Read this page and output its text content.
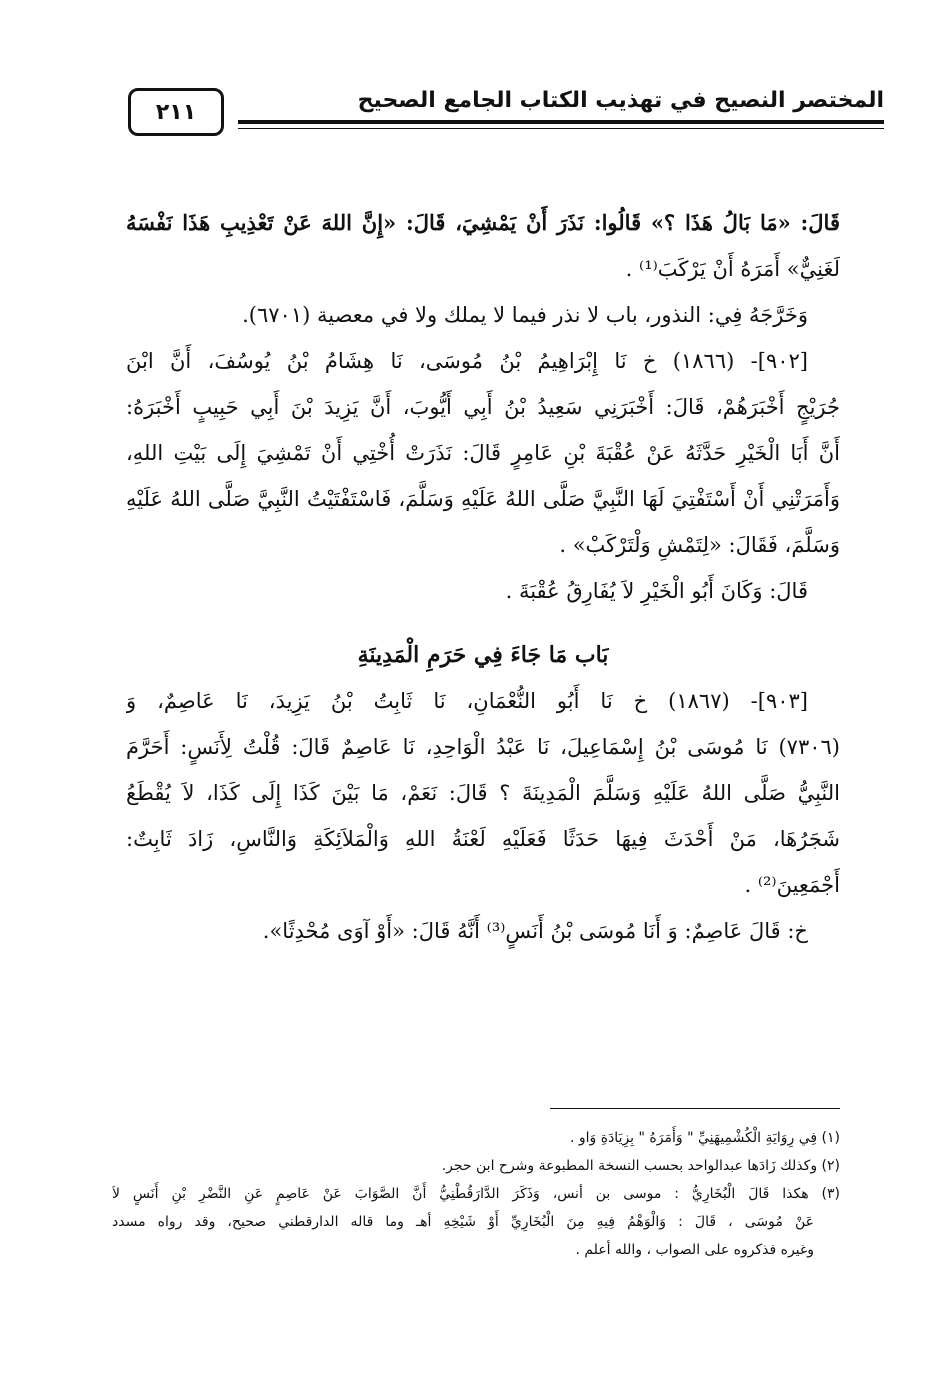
المختصر النصيح في تهذيب الكتاب الجامع الصحيح
٢١١
قَالَ: «مَا بَالُ هَذَا ؟» قَالُوا: نَذَرَ أَنْ يَمْشِيَ، قَالَ: «إِنَّ اللهَ عَنْ تَعْذِيبِ هَذَا نَفْسَهُ
لَغَنِيٌّ» أَمَرَهُ أَنْ يَرْكَبَ⁽¹⁾ .
وَخَرَّجَهُ فِي: النذور، باب لا نذر فيما لا يملك ولا في معصية (٦٧٠١).
[٩٠٢]- (١٨٦٦) خ نَا إِبْرَاهِيمُ بْنُ مُوسَى، نَا هِشَامُ بْنُ يُوسُفَ، أَنَّ ابْنَ
جُرَيْجٍ أَخْبَرَهُمْ، قَالَ: أَخْبَرَنِي سَعِيدُ بْنُ أَبِي أَيُّوبَ، أَنَّ يَزِيدَ بْنَ أَبِي حَبِيبٍ أَخْبَرَهُ:
أَنَّ أَبَا الْخَيْرِ حَدَّثَهُ عَنْ عُقْبَةَ بْنِ عَامِرٍ قَالَ: نَذَرَتْ أُخْتِي أَنْ تَمْشِيَ إِلَى بَيْتِ اللهِ،
وَأَمَرَتْنِي أَنْ أَسْتَفْتِيَ لَهَا النَّبِيَّ صَلَّى اللهُ عَلَيْهِ وَسَلَّمَ، فَاسْتَفْتَيْتُ النَّبِيَّ صَلَّى اللهُ عَلَيْهِ
وَسَلَّمَ، فَقَالَ: «لِتَمْشِ وَلْتَرْكَبْ» .
قَالَ: وَكَانَ أَبُو الْخَيْرِ لاَ يُفَارِقُ عُقْبَةَ .
بَاب مَا جَاءَ فِي حَرَمِ الْمَدِينَةِ
[٩٠٣]- (١٨٦٧) خ نَا أَبُو النُّعْمَانِ، نَا ثَابِتُ بْنُ يَزِيدَ، نَا عَاصِمٌ، وَ
(٧٣٠٦) نَا مُوسَى بْنُ إِسْمَاعِيلَ، نَا عَبْدُ الْوَاحِدِ، نَا عَاصِمٌ قَالَ: قُلْتُ لِأَنَسٍ: أَحَرَّمَ
النَّبِيُّ صَلَّى اللهُ عَلَيْهِ وَسَلَّمَ الْمَدِينَةَ ؟ قَالَ: نَعَمْ، مَا بَيْنَ كَذَا إِلَى كَذَا، لاَ يُقْطَعُ
شَجَرُهَا، مَنْ أَحْدَثَ فِيهَا حَدَثًا فَعَلَيْهِ لَعْنَةُ اللهِ وَالْمَلاَئِكَةِ وَالنَّاسِ، زَادَ ثَابِتٌ:
أَجْمَعِينَ⁽²⁾ .
خ: قَالَ عَاصِمٌ: وَ أَنَا مُوسَى بْنُ أَنَسٍ⁽³⁾ أَنَّهُ قَالَ: «أَوْ آوَى مُحْدِثًا».
(١) فِي رِوَايَةِ الْكُشْمِيهَنِيِّ " وَأَمَرَهُ " بِزِيَادَةِ وَاو .
(٢) وكذلك زَادَها عبدالواحد بحسب النسخة المطبوعة وشرح ابن حجر.
(٣) هكذا قَالَ الْبُخَارِيُّ : موسى بن أنس، وَذَكَرَ الدَّارَقُطْنِيُّ أَنَّ الصَّوَابَ عَنْ عَاصِمٍ عَنِ النَّضْرِ بْنِ أَنَسٍ لاَ
عَنْ مُوسَى ، قَالَ : وَالْوَهْمُ فِيهِ مِنَ الْبُخَارِيِّ أَوْ شَيْخِهِ أهـ وما قاله الدارقطني صحيح، وقد رواه مسدد
وغيره فذكروه على الصواب ، والله أعلم .
